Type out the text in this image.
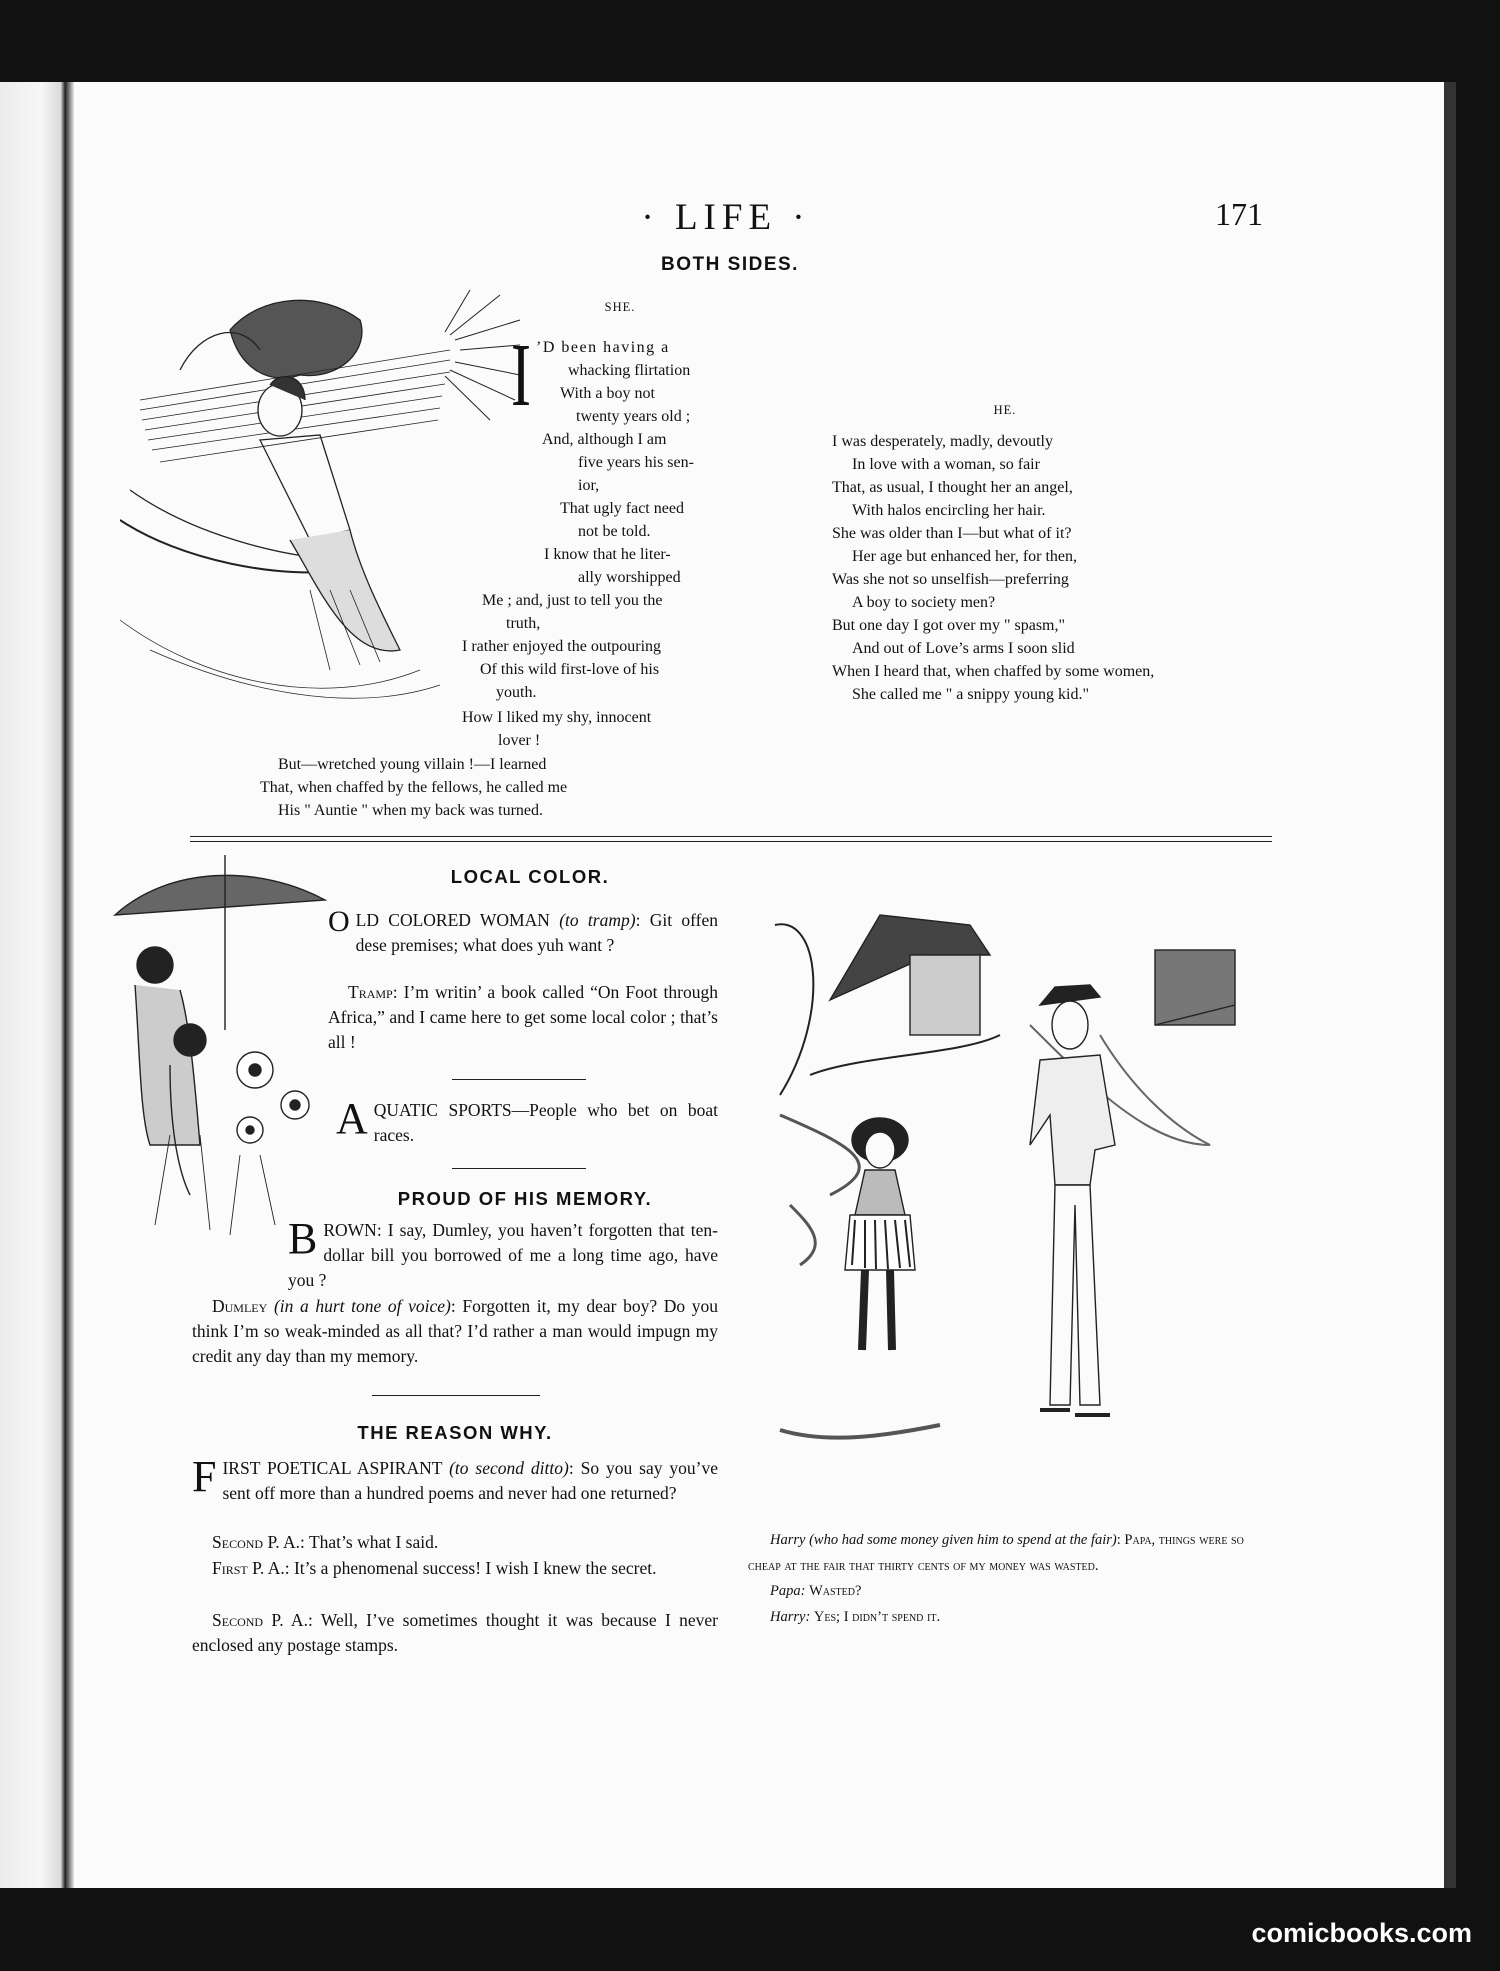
· LIFE ·	171
BOTH SIDES.
SHE.
’D been having a
whacking flirtation
With a boy not
twenty years old ;
And, although I am
five years his sen-
ior,
That ugly fact need
not be told.
I know that he liter-
ally worshipped
Me ; and, just to tell you the
truth,
I rather enjoyed the outpouring
Of this wild first-love of his
youth.
How I liked my shy, innocent
lover !
But—wretched young villain !—I learned
That, when chaffed by the fellows, he called me
His " Auntie " when my back was turned.
I	HE.
I was desperately, madly, devoutly
In love with a woman, so fair
That, as usual, I thought her an angel,
With halos encircling her hair.
She was older than I—but what of it?
Her age but enhanced her, for then,
Was she not so unselfish—preferring
A boy to society men?
But one day I got over my " spasm,"
And out of Love’s arms I soon slid
When I heard that, when chaffed by some women,
She called me " a snippy young kid."
LOCAL COLOR.
OLD COLORED WOMAN (to tramp): Git offen dese premises; what does yuh want ?
Tramp: I’m writin’ a book called “On Foot through Africa,” and I came here to get some local color ; that’s all !
AQUATIC SPORTS—People who bet on boat races.
PROUD OF HIS MEMORY.
BROWN: I say, Dumley, you haven’t forgotten that ten-dollar bill you borrowed of me a long time ago, have you ?
Dumley (in a hurt tone of voice): Forgotten it, my dear boy? Do you think I’m so weak-minded as all that? I’d rather a man would impugn my credit any day than my memory.
THE REASON WHY.
FIRST POETICAL ASPIRANT (to second ditto): So you say you’ve sent off more than a hundred poems and never had one returned?
Second P. A.: That’s what I said.
First P. A.: It’s a phenomenal success! I wish I knew the secret.
Second P. A.: Well, I’ve sometimes thought it was because I never enclosed any postage stamps.
Harry (who had some money given him to spend at the fair): Papa, things were so cheap at the fair that thirty cents of my money was wasted.
Papa: Wasted?
Harry: Yes; I didn’t spend it.
comicbooks.com
